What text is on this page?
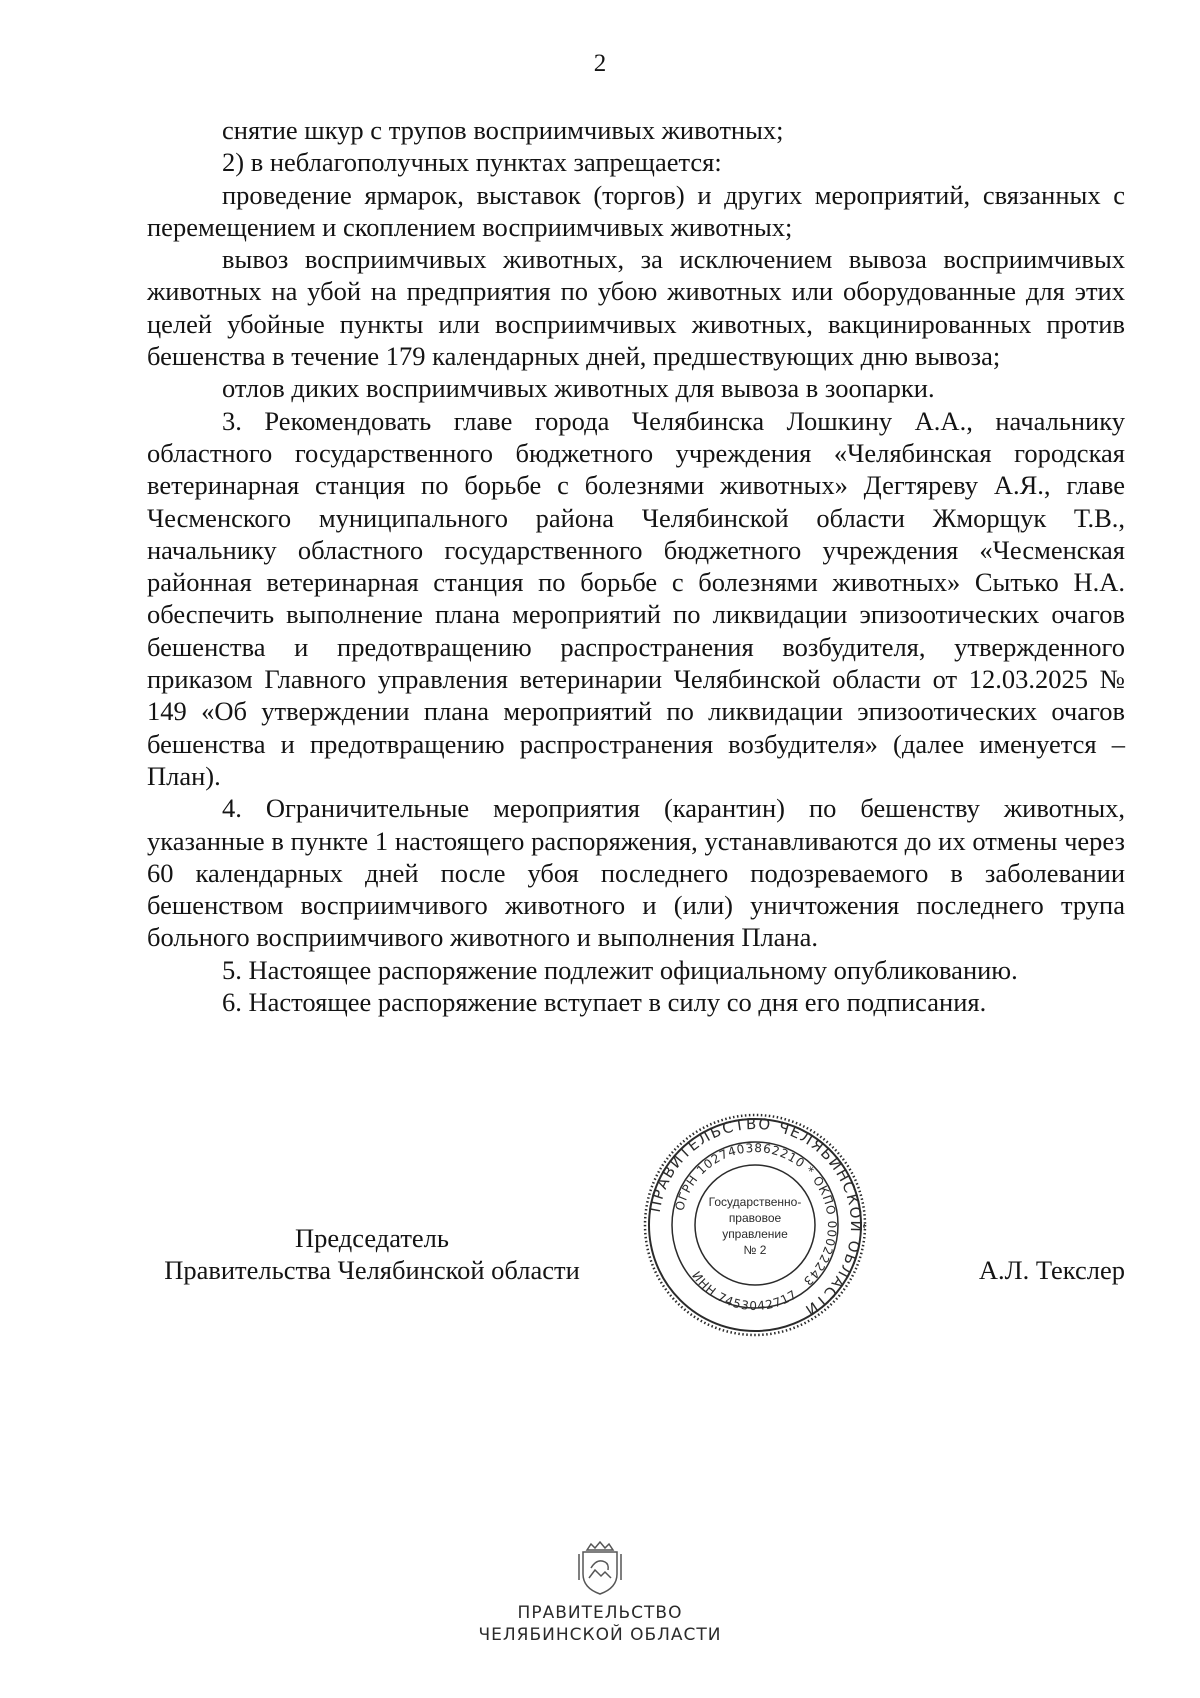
2

снятие шкур с трупов восприимчивых животных;

2) в неблагополучных пунктах запрещается:

проведение ярмарок, выставок (торгов) и других мероприятий, связанных с перемещением и скоплением восприимчивых животных;

вывоз восприимчивых животных, за исключением вывоза восприимчивых животных на убой на предприятия по убою животных или оборудованные для этих целей убойные пункты или восприимчивых животных, вакцинированных против бешенства в течение 179 календарных дней, предшествующих дню вывоза;

отлов диких восприимчивых животных для вывоза в зоопарки.

3. Рекомендовать главе города Челябинска Лошкину А.А., начальнику областного государственного бюджетного учреждения «Челябинская городская ветеринарная станция по борьбе с болезнями животных» Дегтяреву А.Я., главе Чесменского муниципального района Челябинской области Жморщук Т.В., начальнику областного государственного бюджетного учреждения «Чесменская районная ветеринарная станция по борьбе с болезнями животных» Сытько Н.А. обеспечить выполнение плана мероприятий по ликвидации эпизоотических очагов бешенства и предотвращению распространения возбудителя, утвержденного приказом Главного управления ветеринарии Челябинской области от 12.03.2025 № 149 «Об утверждении плана мероприятий по ликвидации эпизоотических очагов бешенства и предотвращению распространения возбудителя» (далее именуется – План).

4. Ограничительные мероприятия (карантин) по бешенству животных, указанные в пункте 1 настоящего распоряжения, устанавливаются до их отмены через 60 календарных дней после убоя последнего подозреваемого в заболевании бешенством восприимчивого животного и (или) уничтожения последнего трупа больного восприимчивого животного и выполнения Плана.

5. Настоящее распоряжение подлежит официальному опубликованию.

6. Настоящее распоряжение вступает в силу со дня его подписания.

Председатель
Правительства Челябинской области	А.Л. Текслер
ПРАВИТЕЛЬСТВО ЧЕЛЯБИНСКОЙ ОБЛАСТИ
ОГРН 1027403862210 * ОКПО 00022243
ИНН 7453042717
Государственно-
правовое
управление
№ 2
ПРАВИТЕЛЬСТВО
ЧЕЛЯБИНСКОЙ ОБЛАСТИ
